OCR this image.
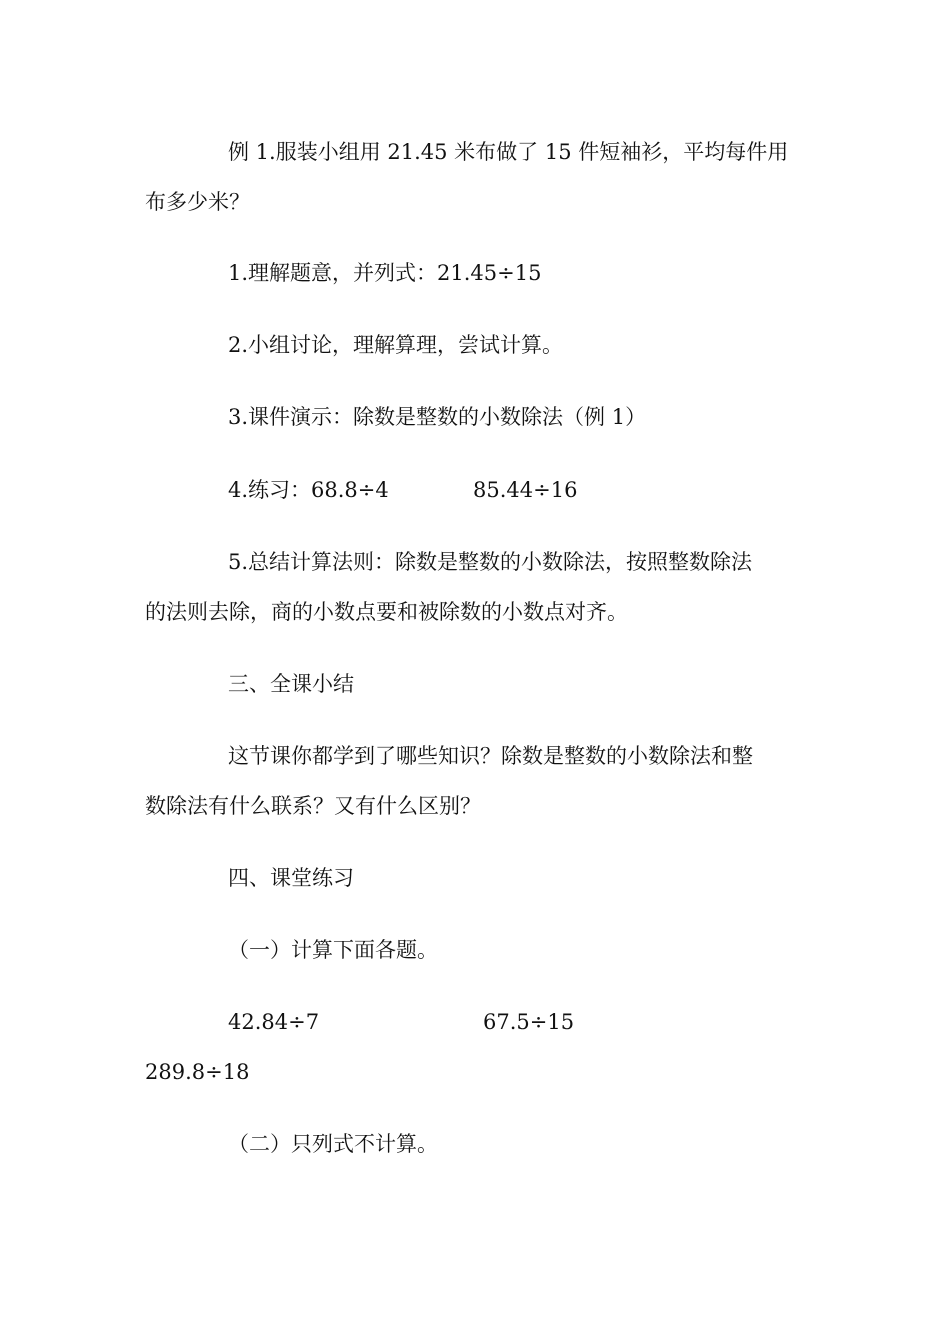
例 1.服装小组用 21.45 米布做了 15 件短袖衫，平均每件用
布多少米？
1.理解题意，并列式：21.45÷15
2.小组讨论，理解算理，尝试计算。
3.课件演示：除数是整数的小数除法（例 1）
4.练习：68.8÷4	85.44÷16
5.总结计算法则：除数是整数的小数除法，按照整数除法
的法则去除，商的小数点要和被除数的小数点对齐。
三、全课小结
这节课你都学到了哪些知识？除数是整数的小数除法和整
数除法有什么联系？又有什么区别？
四、课堂练习
（一）计算下面各题。
42.84÷7	67.5÷15
289.8÷18
（二）只列式不计算。
